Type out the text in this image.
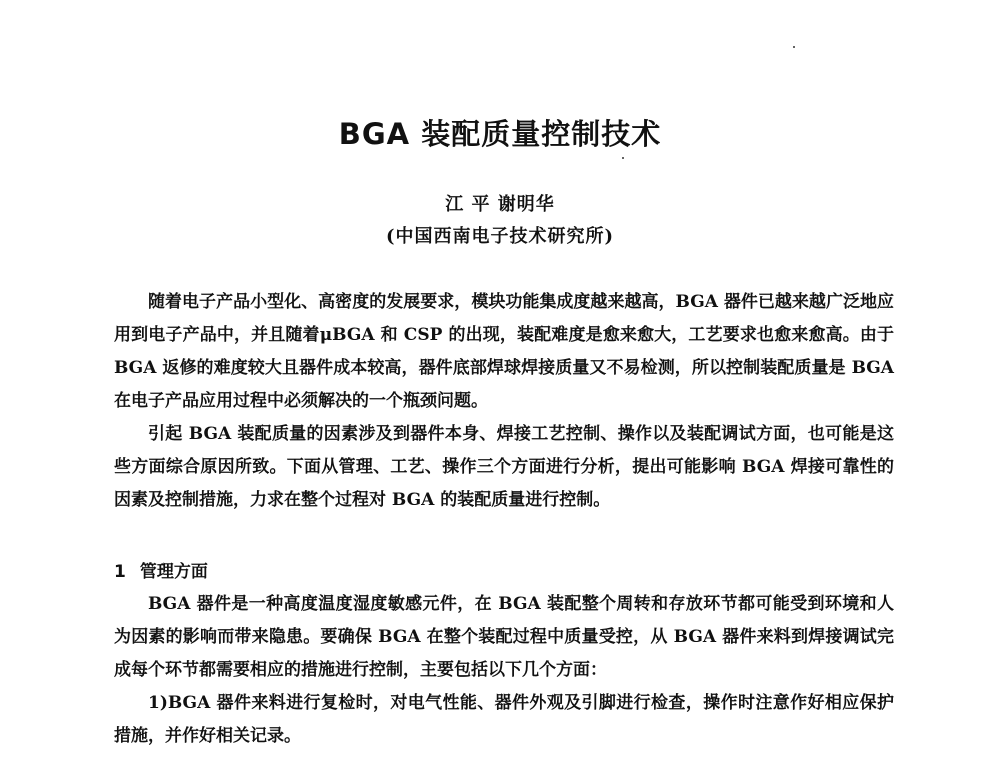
BGA 装配质量控制技术
江 平 谢明华
(中国西南电子技术研究所)

随着电子产品小型化、高密度的发展要求，模块功能集成度越来越高，BGA 器件已越来越广泛地应用到电子产品中，并且随着μBGA 和 CSP 的出现，装配难度是愈来愈大，工艺要求也愈来愈高。由于 BGA 返修的难度较大且器件成本较高，器件底部焊球焊接质量又不易检测，所以控制装配质量是 BGA 在电子产品应用过程中必须解决的一个瓶颈问题。

引起 BGA 装配质量的因素涉及到器件本身、焊接工艺控制、操作以及装配调试方面，也可能是这些方面综合原因所致。下面从管理、工艺、操作三个方面进行分析，提出可能影响 BGA 焊接可靠性的因素及控制措施，力求在整个过程对 BGA 的装配质量进行控制。

1 管理方面

BGA 器件是一种高度温度湿度敏感元件，在 BGA 装配整个周转和存放环节都可能受到环境和人为因素的影响而带来隐患。要确保 BGA 在整个装配过程中质量受控，从 BGA 器件来料到焊接调试完成每个环节都需要相应的措施进行控制，主要包括以下几个方面：

1)BGA 器件来料进行复检时，对电气性能、器件外观及引脚进行检查，操作时注意作好相应保护措施，并作好相关记录。
